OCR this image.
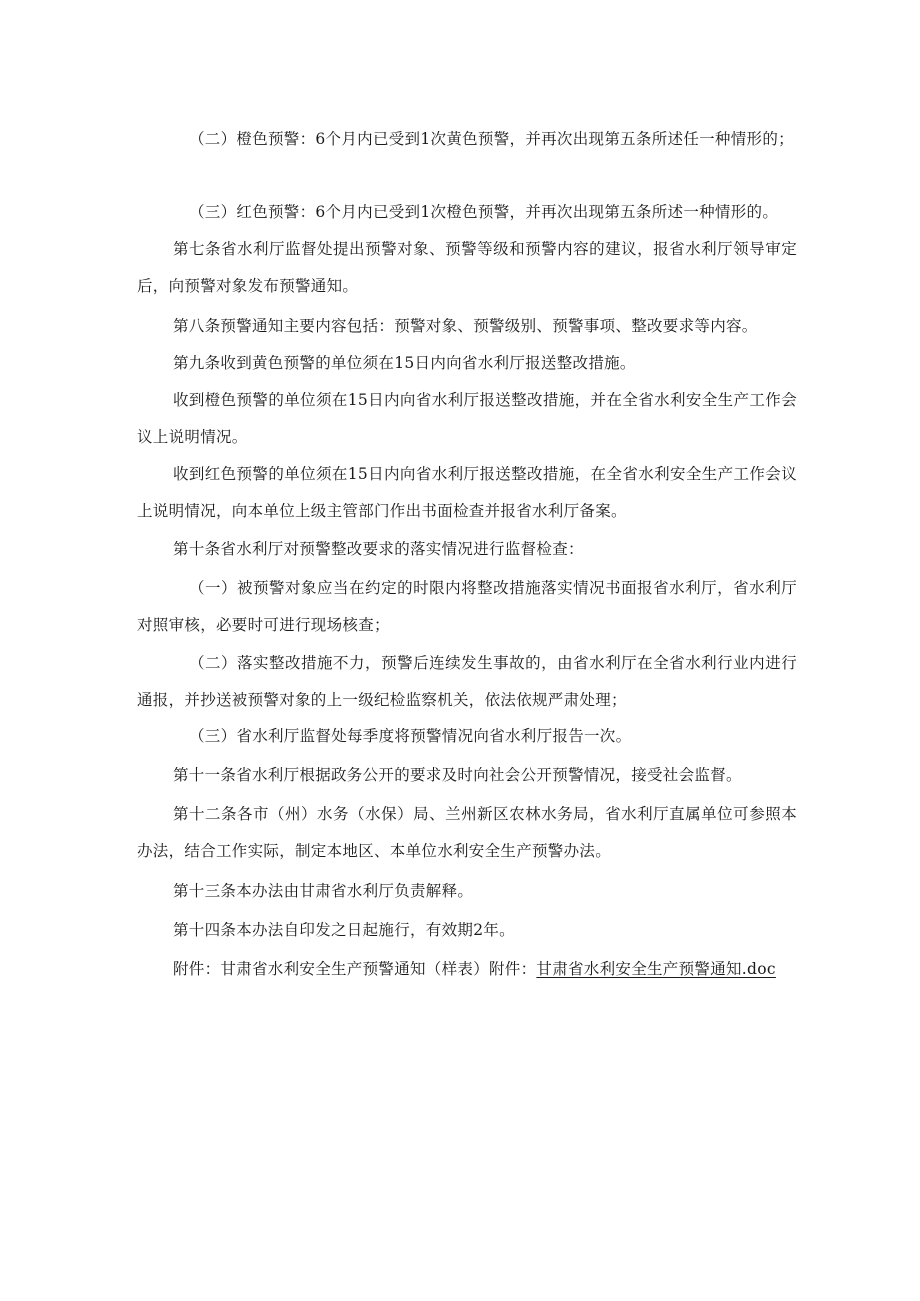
（二）橙色预警：6个月内已受到1次黄色预警，并再次出现第五条所述任一种情形的；

（三）红色预警：6个月内已受到1次橙色预警，并再次出现第五条所述一种情形的。

第七条省水利厅监督处提出预警对象、预警等级和预警内容的建议，报省水利厅领导审定后，向预警对象发布预警通知。

第八条预警通知主要内容包括：预警对象、预警级别、预警事项、整改要求等内容。

第九条收到黄色预警的单位须在15日内向省水利厅报送整改措施。

收到橙色预警的单位须在15日内向省水利厅报送整改措施，并在全省水利安全生产工作会议上说明情况。

收到红色预警的单位须在15日内向省水利厅报送整改措施，在全省水利安全生产工作会议上说明情况，向本单位上级主管部门作出书面检查并报省水利厅备案。

第十条省水利厅对预警整改要求的落实情况进行监督检查：

（一）被预警对象应当在约定的时限内将整改措施落实情况书面报省水利厅，省水利厅对照审核，必要时可进行现场核查；

（二）落实整改措施不力，预警后连续发生事故的，由省水利厅在全省水利行业内进行通报，并抄送被预警对象的上一级纪检监察机关，依法依规严肃处理；

（三）省水利厅监督处每季度将预警情况向省水利厅报告一次。

第十一条省水利厅根据政务公开的要求及时向社会公开预警情况，接受社会监督。

第十二条各市（州）水务（水保）局、兰州新区农林水务局，省水利厅直属单位可参照本办法，结合工作实际，制定本地区、本单位水利安全生产预警办法。

第十三条本办法由甘肃省水利厅负责解释。

第十四条本办法自印发之日起施行，有效期2年。

附件：甘肃省水利安全生产预警通知（样表）附件：甘肃省水利安全生产预警通知.doc
